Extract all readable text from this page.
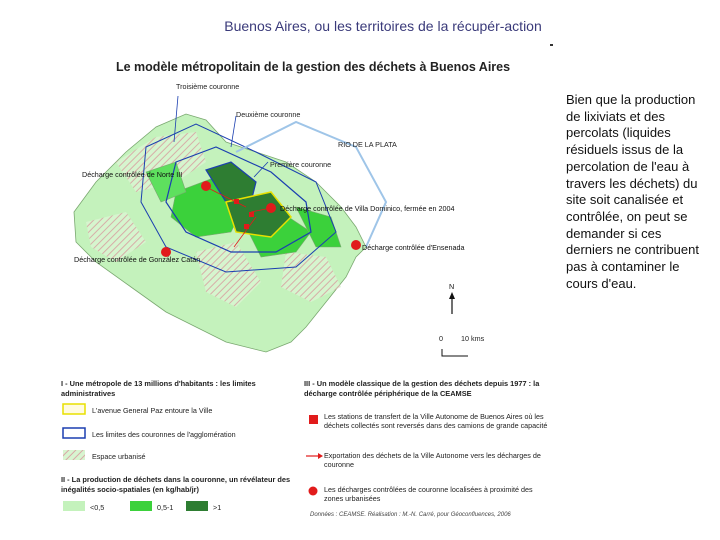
Buenos Aires, ou les territoires de la récupér-action
Le modèle métropolitain de la gestion des déchets à Buenos Aires
Troisième couronne
Deuxième couronne
Première couronne
RIO DE LA PLATA
Décharge contrôlée de Norte III
Décharge contrôlée de Villa Dominico, fermée en 2004
Décharge contrôlée d'Ensenada
Décharge contrôlée de González Catán
N
0	10 kms
I - Une métropole de 13 millions d'habitants : les limites administratives
L'avenue General Paz entoure la Ville
Les limites des couronnes de l'agglomération
Espace urbanisé
II - La production de déchets dans la couronne, un révélateur des inégalités socio-spatiales (en kg/hab/jr)
<0,5	0,5-1	>1
III - Un modèle classique de la gestion des déchets depuis 1977 : la décharge contrôlée périphérique de la CEAMSE
Les stations de transfert de la Ville Autonome de Buenos Aires où les déchets collectés sont reversés dans des camions de grande capacité
Exportation des déchets de la Ville Autonome vers les décharges de couronne
Les décharges contrôlées de couronne localisées à proximité des zones urbanisées
Données : CEAMSE. Réalisation : M.-N. Carré, pour Géoconfluences, 2006
Bien que la production de lixiviats et des percolats (liquides résiduels issus de la percolation de l'eau à travers les déchets) du site soit canalisée et contrôlée, on peut se demander si ces derniers ne contribuent pas à contaminer le cours d'eau.
